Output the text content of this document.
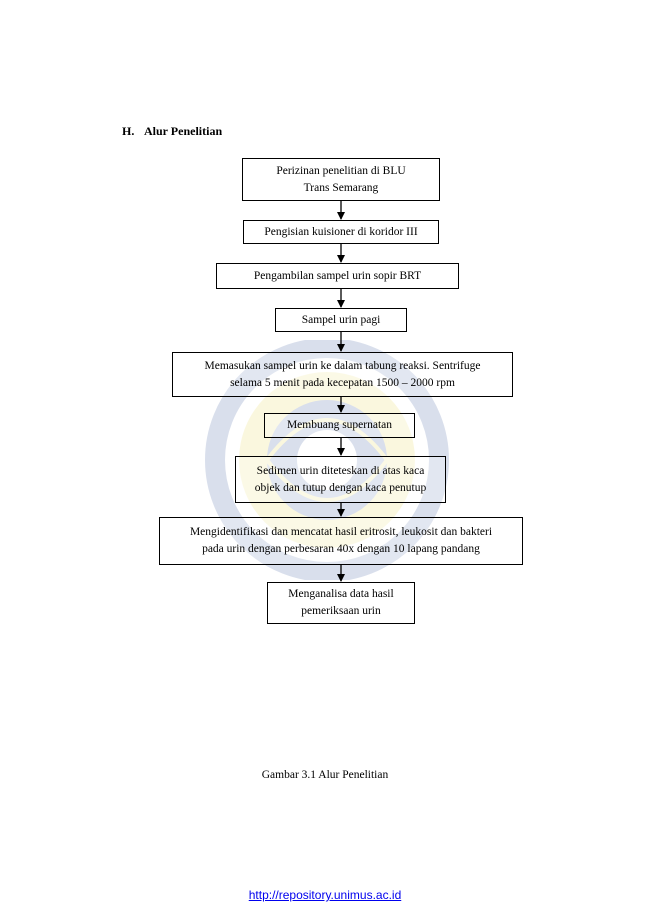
H. Alur Penelitian
Perizinan penelitian di BLU
Trans Semarang
Pengisian kuisioner di koridor III
Pengambilan sampel urin sopir BRT
Sampel urin pagi
Memasukan sampel urin ke dalam tabung reaksi. Sentrifuge
selama 5 menit pada kecepatan 1500 – 2000 rpm
Membuang supernatan
Sedimen urin diteteskan di atas kaca
objek dan tutup dengan kaca penutup
Mengidentifikasi dan mencatat hasil eritrosit, leukosit dan bakteri
pada urin dengan perbesaran 40x dengan 10 lapang pandang
Menganalisa data hasil
pemeriksaan urin
Gambar 3.1 Alur Penelitian
http://repository.unimus.ac.id
